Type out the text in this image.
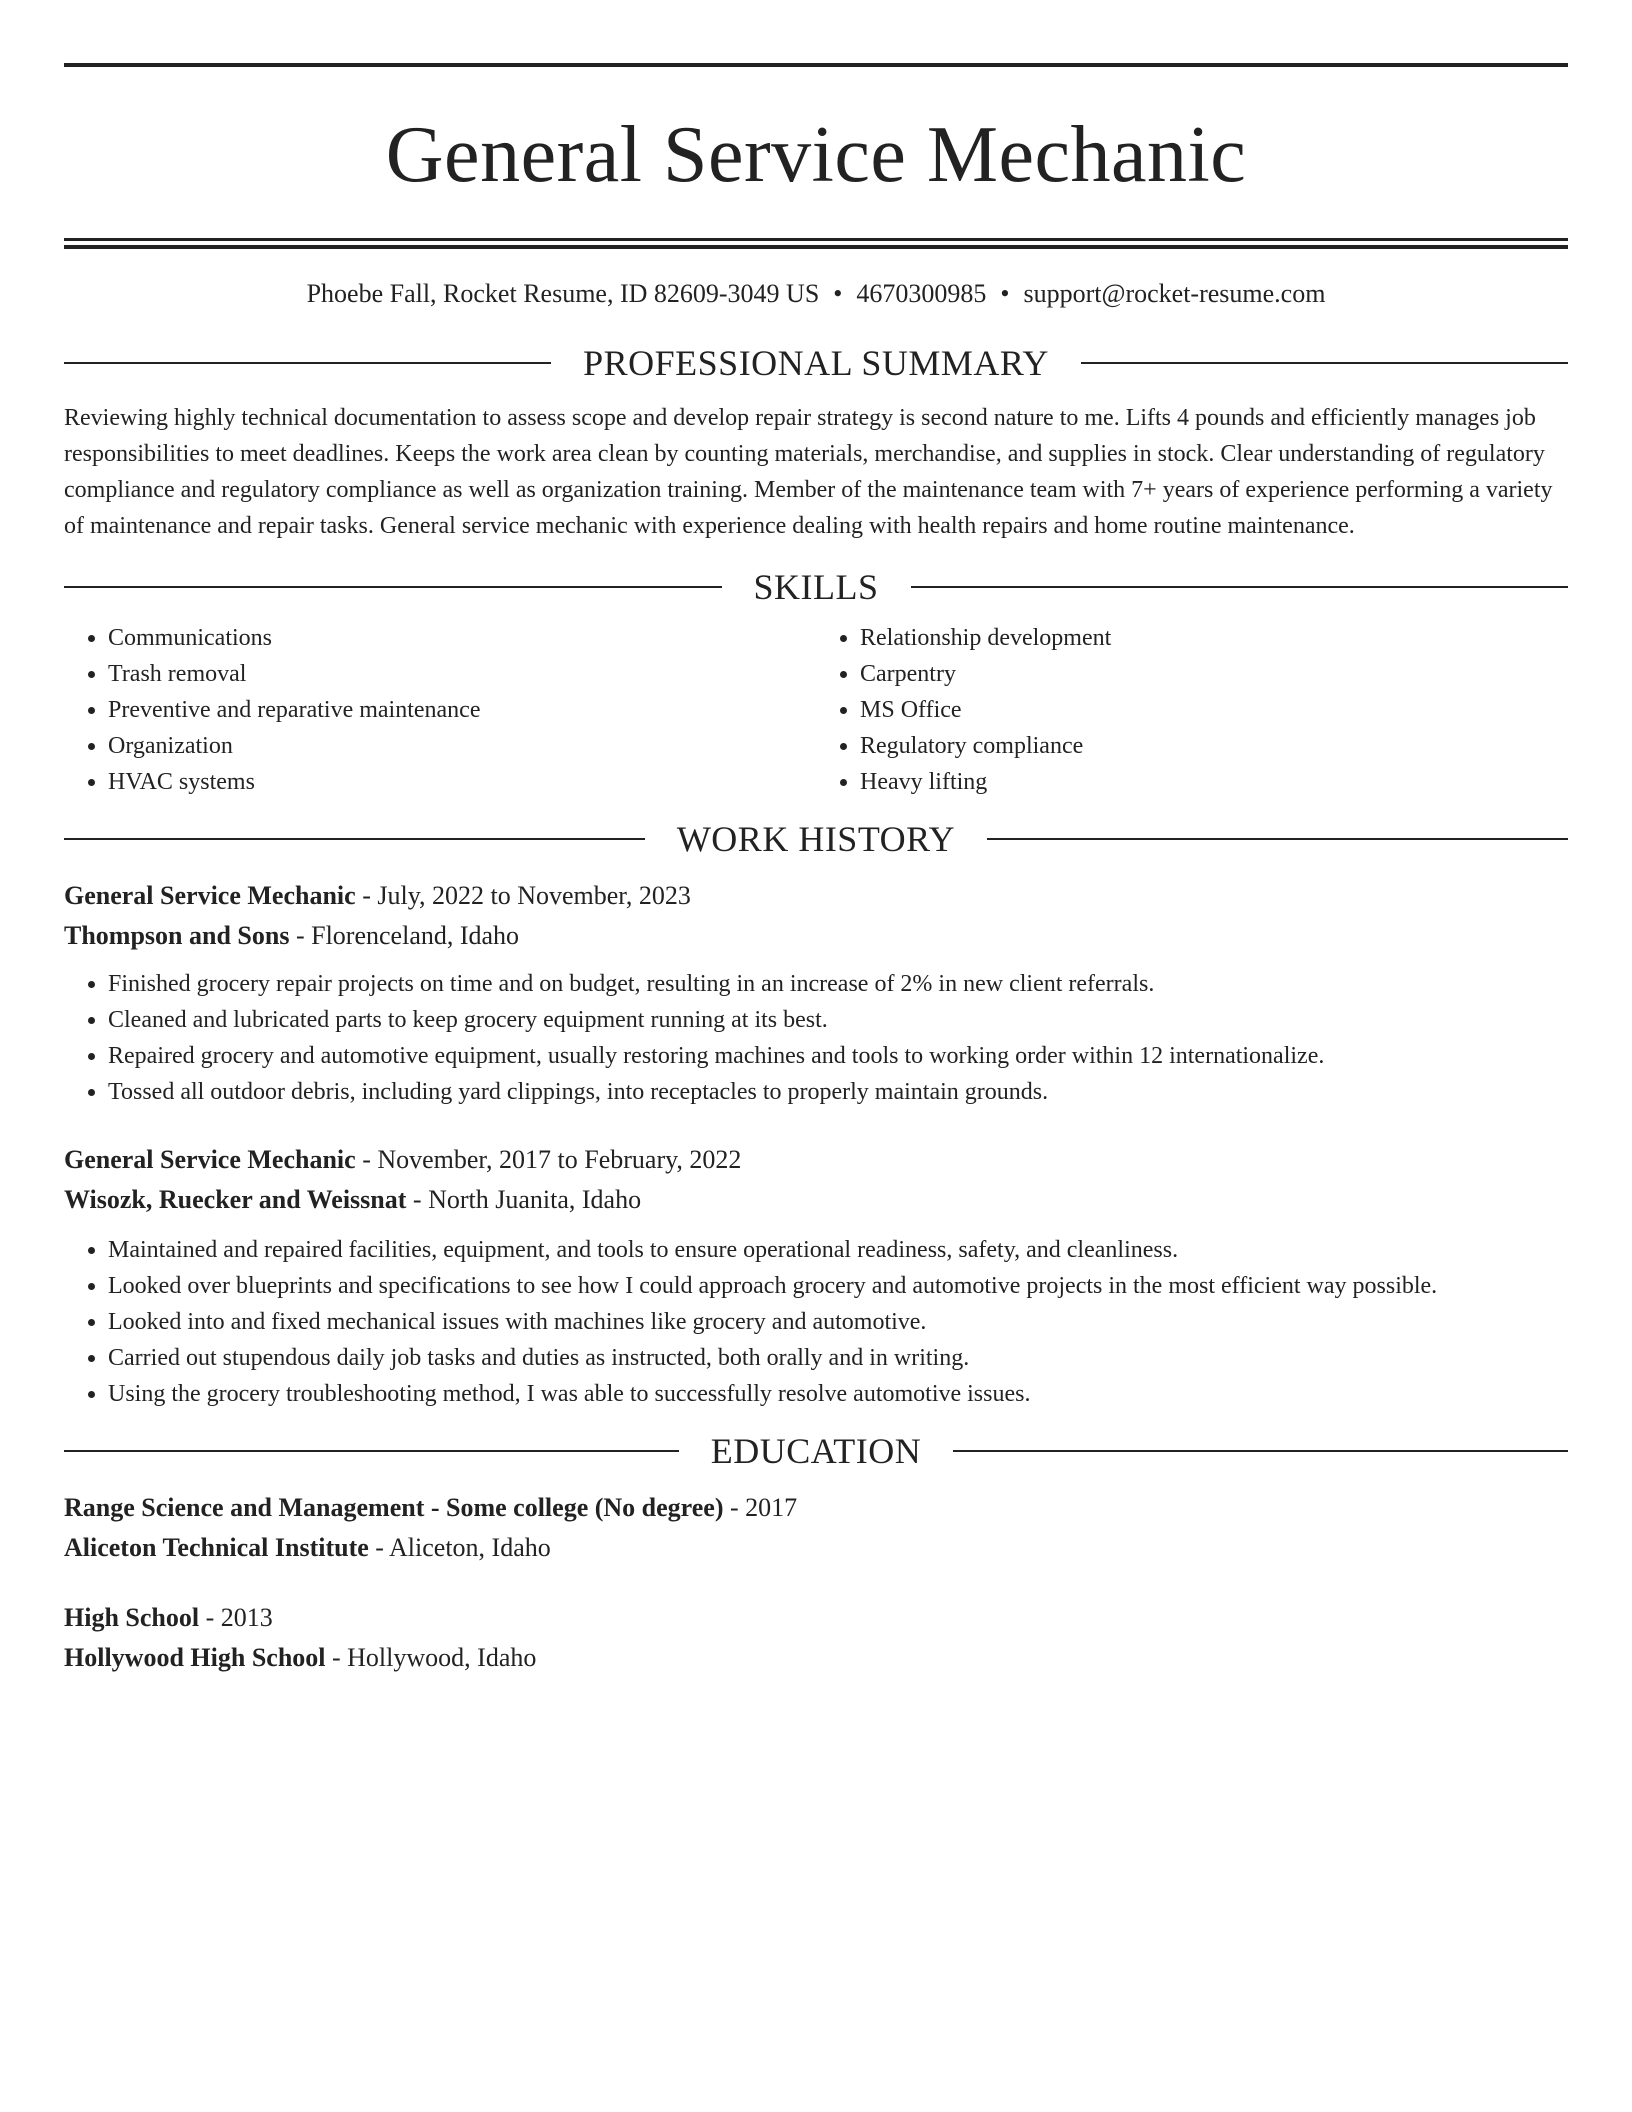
General Service Mechanic
Phoebe Fall, Rocket Resume, ID 82609-3049 US • 4670300985 • support@rocket-resume.com
PROFESSIONAL SUMMARY

Reviewing highly technical documentation to assess scope and develop repair strategy is second nature to me. Lifts 4 pounds and efficiently manages job responsibilities to meet deadlines. Keeps the work area clean by counting materials, merchandise, and supplies in stock. Clear understanding of regulatory compliance and regulatory compliance as well as organization training. Member of the maintenance team with 7+ years of experience performing a variety of maintenance and repair tasks. General service mechanic with experience dealing with health repairs and home routine maintenance.

SKILLS
• Communications
• Trash removal
• Preventive and reparative maintenance
• Organization
• HVAC systems
• Relationship development
• Carpentry
• MS Office
• Regulatory compliance
• Heavy lifting
WORK HISTORY
General Service Mechanic - July, 2022 to November, 2023
Thompson and Sons - Florenceland, Idaho
• Finished grocery repair projects on time and on budget, resulting in an increase of 2% in new client referrals.
• Cleaned and lubricated parts to keep grocery equipment running at its best.
• Repaired grocery and automotive equipment, usually restoring machines and tools to working order within 12 internationalize.
• Tossed all outdoor debris, including yard clippings, into receptacles to properly maintain grounds.
General Service Mechanic - November, 2017 to February, 2022
Wisozk, Ruecker and Weissnat - North Juanita, Idaho
• Maintained and repaired facilities, equipment, and tools to ensure operational readiness, safety, and cleanliness.
• Looked over blueprints and specifications to see how I could approach grocery and automotive projects in the most efficient way possible.
• Looked into and fixed mechanical issues with machines like grocery and automotive.
• Carried out stupendous daily job tasks and duties as instructed, both orally and in writing.
• Using the grocery troubleshooting method, I was able to successfully resolve automotive issues.
EDUCATION
Range Science and Management - Some college (No degree) - 2017
Aliceton Technical Institute - Aliceton, Idaho
High School - 2013
Hollywood High School - Hollywood, Idaho
